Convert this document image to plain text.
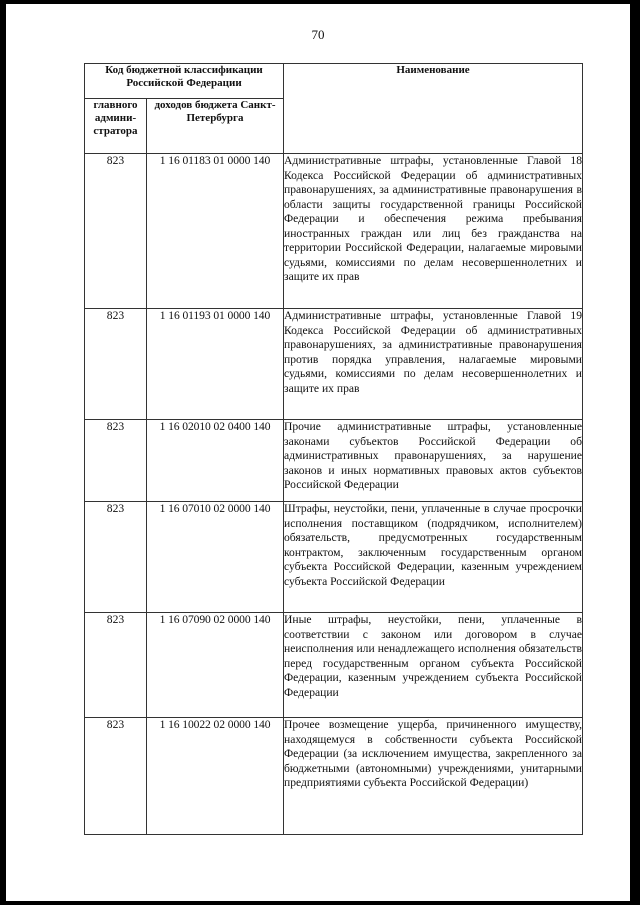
70
Код бюджетной классификации Российской Федерации		Наименование
главного админи-стратора	доходов бюджета Санкт-Петербурга	
823	1 16 01183 01 0000 140	Административные штрафы, установленные Главой 18 Кодекса Российской Федерации об административных правонарушениях, за административные правонарушения в области защиты государственной границы Российской Федерации и обеспечения режима пребывания иностранных граждан или лиц без гражданства на территории Российской Федерации, налагаемые мировыми судьями, комиссиями по делам несовершеннолетних и защите их прав
823	1 16 01193 01 0000 140	Административные штрафы, установленные Главой 19 Кодекса Российской Федерации об административных правонарушениях, за административные правонарушения против порядка управления, налагаемые мировыми судьями, комиссиями по делам несовершеннолетних и защите их прав
823	1 16 02010 02 0400 140	Прочие административные штрафы, установленные законами субъектов Российской Федерации об административных правонарушениях, за нарушение законов и иных нормативных правовых актов субъектов Российской Федерации
823	1 16 07010 02 0000 140	Штрафы, неустойки, пени, уплаченные в случае просрочки исполнения поставщиком (подрядчиком, исполнителем) обязательств, предусмотренных государственным контрактом, заключенным государственным органом субъекта Российской Федерации, казенным учреждением субъекта Российской Федерации
823	1 16 07090 02 0000 140	Иные штрафы, неустойки, пени, уплаченные в соответствии с законом или договором в случае неисполнения или ненадлежащего исполнения обязательств перед государственным органом субъекта Российской Федерации, казенным учреждением субъекта Российской Федерации
823	1 16 10022 02 0000 140	Прочее возмещение ущерба, причиненного имуществу, находящемуся в собственности субъекта Российской Федерации (за исключением имущества, закрепленного за бюджетными (автономными) учреждениями, унитарными предприятиями субъекта Российской Федерации)
